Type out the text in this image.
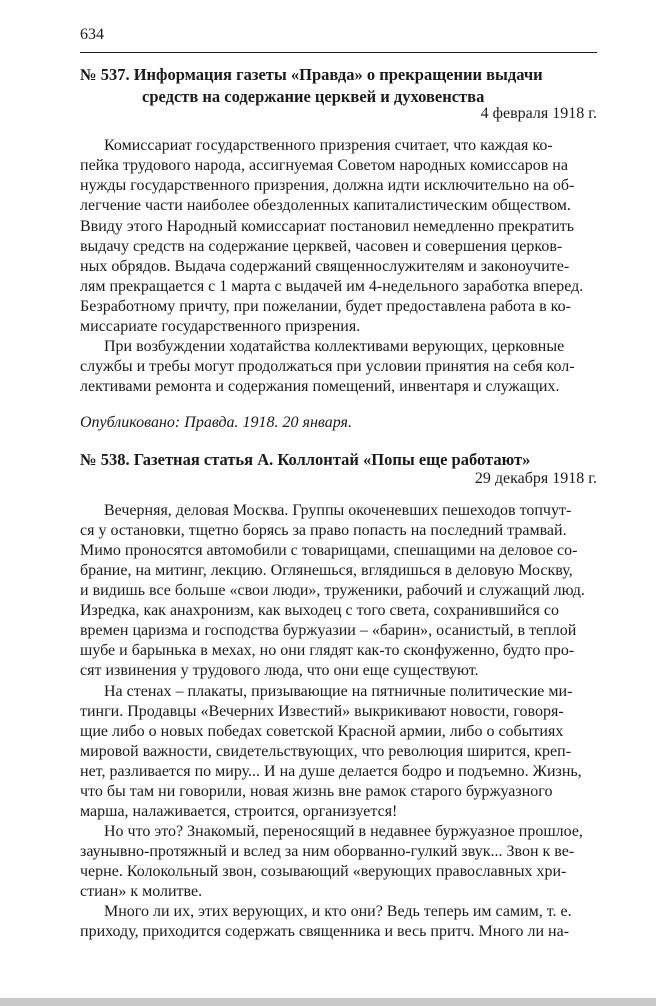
634
№ 537. Информация газеты «Правда» о прекращении выдачи
средств на содержание церквей и духовенства
4 февраля 1918 г.
Комиссариат государственного призрения считает, что каждая ко-
пейка трудового народа, ассигнуемая Советом народных комиссаров на
нужды государственного призрения, должна идти исключительно на об-
легчение части наиболее обездоленных капиталистическим обществом.
Ввиду этого Народный комиссариат постановил немедленно прекратить
выдачу средств на содержание церквей, часовен и совершения церков-
ных обрядов. Выдача содержаний священнослужителям и законоучите-
лям прекращается с 1 марта с выдачей им 4-недельного заработка вперед.
Безработному причту, при пожелании, будет предоставлена работа в ко-
миссариате государственного призрения.
При возбуждении ходатайства коллективами верующих, церковные
службы и требы могут продолжаться при условии принятия на себя кол-
лективами ремонта и содержания помещений, инвентаря и служащих.
Опубликовано: Правда. 1918. 20 января.
№ 538. Газетная статья А. Коллонтай «Попы еще работают»
29 декабря 1918 г.
Вечерняя, деловая Москва. Группы окоченевших пешеходов топчут-
ся у остановки, тщетно борясь за право попасть на последний трамвай.
Мимо проносятся автомобили с товарищами, спешащими на деловое со-
брание, на митинг, лекцию. Оглянешься, вглядишься в деловую Москву,
и видишь все больше «свои люди», труженики, рабочий и служащий люд.
Изредка, как анахронизм, как выходец с того света, сохранившийся со
времен царизма и господства буржуазии – «барин», осанистый, в теплой
шубе и барынька в мехах, но они глядят как-то сконфуженно, будто про-
сят извинения у трудового люда, что они еще существуют.
На стенах – плакаты, призывающие на пятничные политические ми-
тинги. Продавцы «Вечерних Известий» выкрикивают новости, говоря-
щие либо о новых победах советской Красной армии, либо о событиях
мировой важности, свидетельствующих, что революция ширится, креп-
нет, разливается по миру... И на душе делается бодро и подъемно. Жизнь,
что бы там ни говорили, новая жизнь вне рамок старого буржуазного
марша, налаживается, строится, организуется!
Но что это? Знакомый, переносящий в недавнее буржуазное прошлое,
заунывно-протяжный и вслед за ним оборванно-гулкий звук... Звон к ве-
черне. Колокольный звон, созывающий «верующих православных хри-
стиан» к молитве.
Много ли их, этих верующих, и кто они? Ведь теперь им самим, т. е.
приходу, приходится содержать священника и весь притч. Много ли на-
